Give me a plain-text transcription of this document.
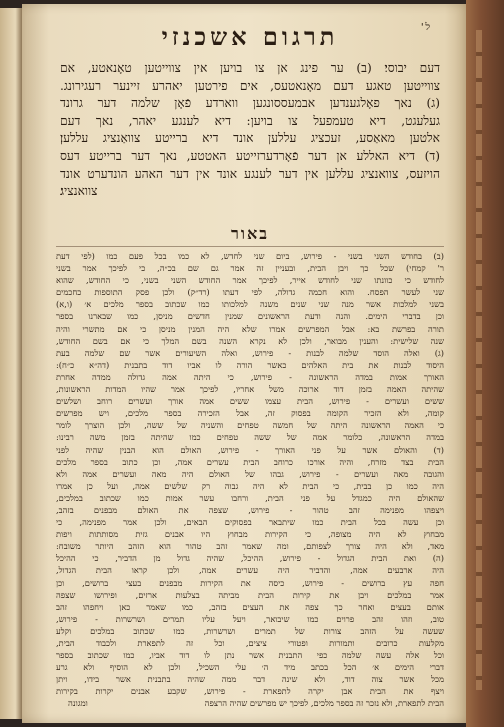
ל'
תרגום אשכנזי

דעם יבוסי׃ (ב) ער פינג אן צו בויען אין צווייטען טאָנאטע, אם

צווייטען טאגע דעם מאָנאטעס, אים פירטען יאהרע זיינער רעגירונג.

(ג) נאך פאָלגענדען אבמעססונגען ווארדע פֿאָן שלמה דער גרונד

געלעגט, דיא טעמפעל צו בויען: דיא לענגע יאהר, נאך דעם

אלטען מאאַסע, זעכציג עללען אונד דיא ברייטע צוואַנציג עללען׃

(ד) דיא האללע אן דער פֿאָרדערזייטע האטטע, נאך דער ברייטע דעס

הויזעס, צוואנציג עללען אין דער לענגע אונד אין דער האהע הונדערט אונד

צוואנציג׃

באור

(ב) בחודש השני בשני - פירוש, ביום שני לחדש, לא כמו בכל פעם כמו (לפי דעת

ר' קמחי) שכל כך ויבן הבית, ובעניין זה אמר גם שם בכ״ה, כי לפיכך אמר בשני

לחודש כי כוונתו שני לחודש אייר, לפיכך אמר החודש השני בשני, כי החודש, שהוא

שני לעשר הפסח. והוא חכמה גדולה, לפי דעתו (רד״ק) ולכן פסק התוספות כחכמים

בשני למלכות אשר מנה שני שנים משנה למלכותו כמו שכתוב בספר מלכים א׳ (ו,א)

וכן בדברי הימים. והנה ודעת הראשונים שמנין חדשים מניסן, כמו שבארנו בספר

תורה בפרשת בא: אבל המפרשים אמרו שלא היה המנין מניסן כי אם מתשרי והיה

שנה שלישית: והענין מבואר, ולכן לא נקרא השנה בשם המלך כי אם בשם החודש,

(ג) ואלה הוסד שלמה לבנות - פירוש, ואלה השיעורים אשר שם שלמה בעת

היסוד לבנות את בית האלהים כאשר הורה לו אביו דוד בתבנית (דה״א כ״ח):

האורך אמות במדה הראשונה - פירוש, כי היתה אמה גדולה ממדה אחרת

שהיתה האמה בזמן דוד ארוכה משל אחריו, לפיכך אמר שהיו המדות הראשונות,

ששים ועשרים - פירוש, הבית עצמו ששים אמה אורך ועשרים רוחב ושלשים

קומה, ולא הזכיר הקומה בפסוק זה, אבל הזכירה בספר מלכים, ויש מפרשים

כי האמה הראשונה היתה של חמשה טפחים והשניה של ששה, ולכן הוצרך לומר

במדה הראשונה, כלומר אמה של ששה טפחים כמו שהיתה בזמן משה רבינו:

(ד) והאולם אשר על פני האורך - פירוש, האולם הוא הבנין שהיה לפני

הבית בצד מזרח, והיה אורכו כרוחב הבית עשרים אמה, וכן כתוב בספר מלכים

והגובה מאה ועשרים - פירוש, גבהו של האולם היה מאה ועשרים אמה ולא

היה כמו כן בבית, כי הבית לא היה גבוה רק שלשים אמה, ועל כן אמרו

שהאולם היה כמגדל על פני הבית, ורחבו עשר אמות כמו שכתוב במלכים,

ויצפהו מפנימה זהב טהור - פירוש, שצפה את האולם מבפנים בזהב,

וכן עשה בכל הבית כמו שיתבאר בפסוקים הבאים, ולכן אמר מפנימה, כי

מבחוץ לא היה מצופה, כי הקירות מבחוץ היו אבנים גזית מסותתות ויפות

מאד, ולא היה צורך לצפותם, ומה שאמר זהב טהור הוא הזהב היותר משובח:

(ה) ואת הבית הגדול - פירוש, ההיכל, שהיה גדול מן הדביר, כי ההיכל

היה ארבעים אמה, והדביר היה עשרים אמה, ולכן קראו הבית הגדול,

חפה עץ ברושים - פירוש, כיסה את הקירות מבפנים בעצי ברושים, וכן

אמר במלכים ויבן את קירות הבית מביתה בצלעות ארזים, ופירושו שצפה

אותם בעצים ואחר כך צפה את העצים בזהב, כמו שאמר כאן ויחפהו זהב

טוב, וזהו זהב פרוים כמו שיבואר, ויעל עליו תמרים ושרשרות - פירוש,

שעשה על הזהב צורות של תמרים ושרשרות, כמו שכתוב במלכים וקלע

מקלעות כרובים ותמורות ופטורי ציצים, וכל זה לתפארת ולכבוד הבית,

וכל אלה עשה שלמה כפי התבנית אשר נתן לו דוד אביו, כמו שכתוב בספר

דברי הימים א׳ הכל בכתב מיד ה׳ עלי השכיל, ולכן לא הוסיף ולא גרע

מכל אשר צוה דוד, ולא שינה דבר ממה שהיה בתבנית אשר בידו, ויתן

ויצף את הבית אבן יקרה לתפארת - פירוש, שקבע אבנים יקרות בקירות

הבית לתפארת, ולא נזכר זה בספר מלכים, לפיכך יש מפרשים שהיה הרצפה

ומגונה
